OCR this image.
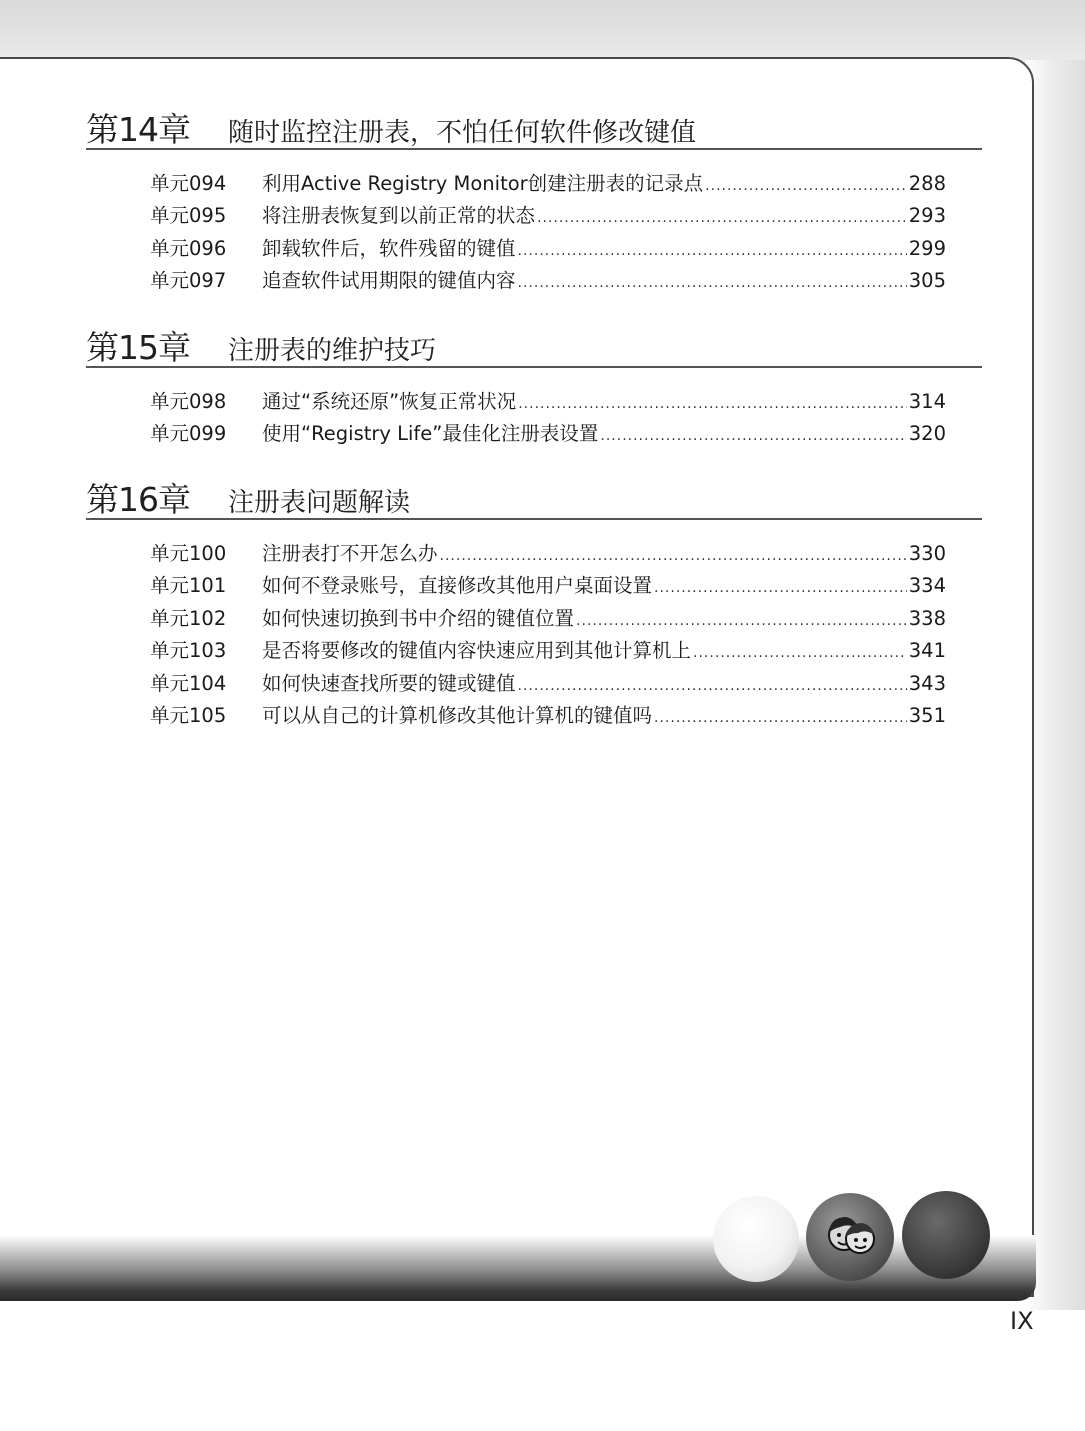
第14章	随时监控注册表，不怕任何软件修改键值
单元094	利用Active Registry Monitor创建注册表的记录点 .....	288
单元095	将注册表恢复到以前正常的状态 .....	293
单元096	卸载软件后，软件残留的键值 .....	299
单元097	追查软件试用期限的键值内容 .....	305
第15章	注册表的维护技巧
单元098	通过“系统还原”恢复正常状况 .....	314
单元099	使用“Registry Life”最佳化注册表设置 .....	320
第16章	注册表问题解读
单元100	注册表打不开怎么办 .....	330
单元101	如何不登录账号，直接修改其他用户桌面设置 .....	334
单元102	如何快速切换到书中介绍的键值位置 .....	338
单元103	是否将要修改的键值内容快速应用到其他计算机上 .....	341
单元104	如何快速查找所要的键或键值 .....	343
单元105	可以从自己的计算机修改其他计算机的键值吗 .....	351
IX
